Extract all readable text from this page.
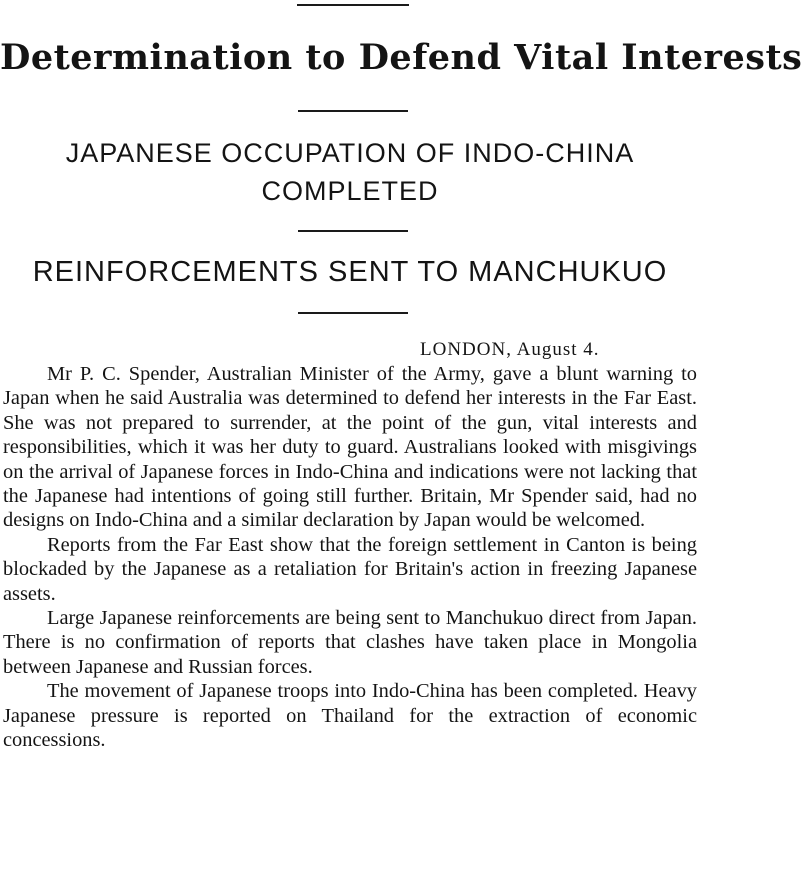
Determination to Defend Vital Interests
JAPANESE OCCUPATION OF INDO-CHINA COMPLETED
REINFORCEMENTS SENT TO MANCHUKUO
LONDON, August 4.

Mr P. C. Spender, Australian Minister of the Army, gave a blunt warning to Japan when he said Australia was determined to defend her interests in the Far East. She was not prepared to surrender, at the point of the gun, vital interests and responsibilities, which it was her duty to guard. Australians looked with misgivings on the arrival of Japanese forces in Indo-China and indications were not lacking that the Japanese had intentions of going still further. Britain, Mr Spender said, had no designs on Indo-China and a similar declaration by Japan would be welcomed.

Reports from the Far East show that the foreign settlement in Canton is being blockaded by the Japanese as a retaliation for Britain's action in freezing Japanese assets.

Large Japanese reinforcements are being sent to Manchukuo direct from Japan. There is no confirmation of reports that clashes have taken place in Mongolia between Japanese and Russian forces.

The movement of Japanese troops into Indo-China has been completed. Heavy Japanese pressure is reported on Thailand for the extraction of economic concessions.
